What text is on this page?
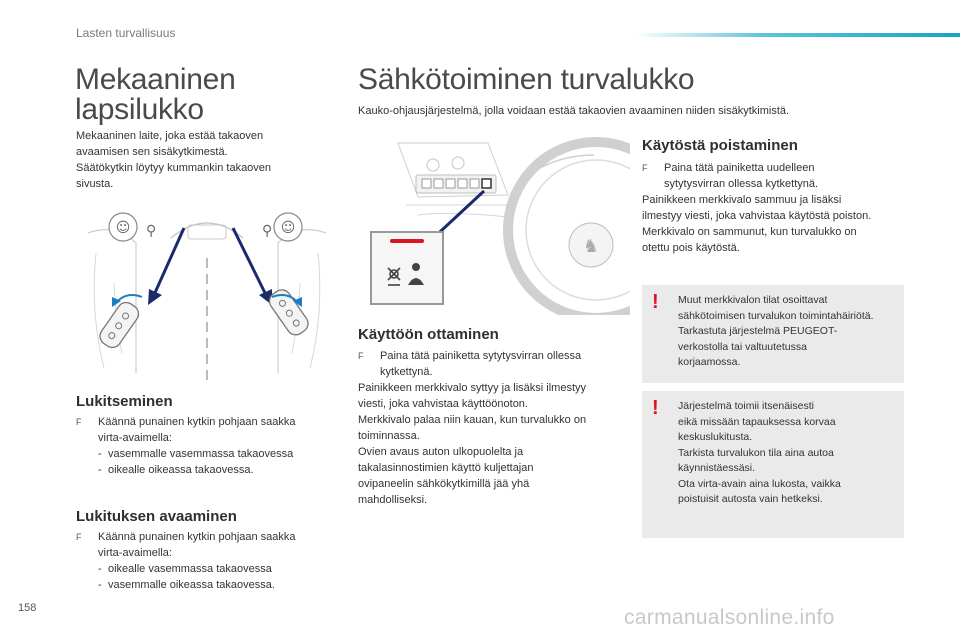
Lasten turvallisuus
Mekaaninen
lapsilukko
Mekaaninen laite, joka estää takaoven
avaamisen sen sisäkytkimestä.
Säätökytkin löytyy kummankin takaoven
sivusta.
☺ ⚲	☺
⚲
Lukitseminen
F Käännä punainen kytkin pohjaan saakka
virta-avaimella:
- vasemmalle vasemmassa takaovessa
- oikealle oikeassa takaovessa.
Lukituksen avaaminen
F Käännä punainen kytkin pohjaan saakka
virta-avaimella:
- oikealle vasemmassa takaovessa
- vasemmalle oikeassa takaovessa.
Sähkötoiminen turvalukko
Kauko-ohjausjärjestelmä, jolla voidaan estää takaovien avaaminen niiden sisäkytkimistä.
♞
Käyttöön ottaminen
F Paina tätä painiketta sytytysvirran ollessa
kytkettynä.
Painikkeen merkkivalo syttyy ja lisäksi ilmestyy
viesti, joka vahvistaa käyttöönoton.
Merkkivalo palaa niin kauan, kun turvalukko on
toiminnassa.
Ovien avaus auton ulkopuolelta ja
takalasinnostimien käyttö kuljettajan
ovipaneelin sähkökytkimillä jää yhä
mahdolliseksi.
Käytöstä poistaminen
F Paina tätä painiketta uudelleen
sytytysvirran ollessa kytkettynä.
Painikkeen merkkivalo sammuu ja lisäksi
ilmestyy viesti, joka vahvistaa käytöstä poiston.
Merkkivalo on sammunut, kun turvalukko on
otettu pois käytöstä.
! Muut merkkivalon tilat osoittavat
sähkötoimisen turvalukon toimintahäiriötä.
Tarkastuta järjestelmä PEUGEOT-
verkostolla tai valtuutetussa
korjaamossa.
! Järjestelmä toimii itsenäisesti
eikä missään tapauksessa korvaa
keskuslukitusta.
Tarkista turvalukon tila aina autoa
käynnistäessäsi.
Ota virta-avain aina lukosta, vaikka
poistuisit autosta vain hetkeksi.
158	carmanualsonline.info
